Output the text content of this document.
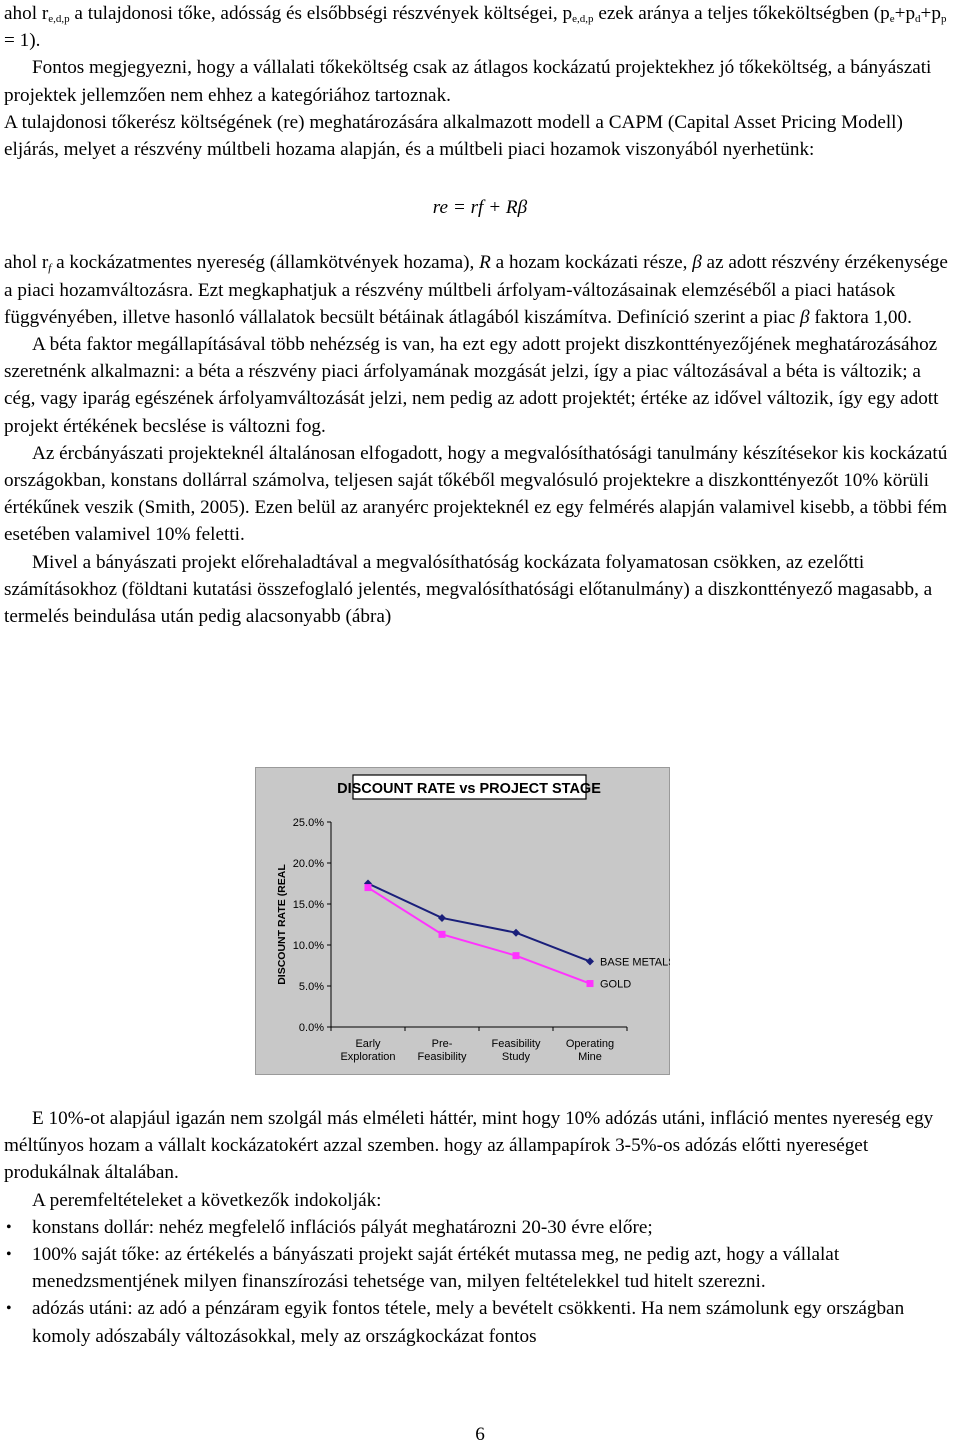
ahol $r_{e,d,p}$ a tulajdonosi tőke, adósság és elsőbbségi részvények költségei, $p_{e,d,p}$ ezek aránya a teljes tőkeköltségben $(p_e+p_d+p_p = 1)$.

Fontos megjegyezni, hogy a vállalati tőkeköltség csak az átlagos kockázatú projektekhez jó tőkeköltség, a bányászati projektek jellemzően nem ehhez a kategóriához tartoznak.

A tulajdonosi tőkerész költségének (re) meghatározására alkalmazott modell a CAPM (Capital Asset Pricing Modell) eljárás, melyet a részvény múltbeli hozama alapján, és a múltbeli piaci hozamok viszonyából nyerhetünk:

re = rf + Rβ

ahol $r_f$ a kockázatmentes nyereség (államkötvények hozama), R a hozam kockázati része, β az adott részvény érzékenysége a piaci hozamváltozásra. Ezt megkaphatjuk a részvény múltbeli árfolyam-változásainak elemzéséből a piaci hatások függvényében, illetve hasonló vállalatok becsült bétáinak átlagából kiszámítva. Definíció szerint a piac β faktora 1,00.

A béta faktor megállapításával több nehézség is van, ha ezt egy adott projekt diszkonttényezőjének meghatározásához szeretnénk alkalmazni: a béta a részvény piaci árfolyamának mozgását jelzi, így a piac változásával a béta is változik; a cég, vagy iparág egészének árfolyamváltozását jelzi, nem pedig az adott projektét; értéke az idővel változik, így egy adott projekt értékének becslése is változni fog.

Az ércbányászati projekteknél általánosan elfogadott, hogy a megvalósíthatósági tanulmány készítésekor kis kockázatú országokban, konstans dollárral számolva, teljesen saját tőkéből megvalósuló projektekre a diszkonttényezőt 10% körüli értékűnek veszik (Smith, 2005). Ezen belül az aranyérc projekteknél ez egy felmérés alapján valamivel kisebb, a többi fém esetében valamivel 10% feletti.

Mivel a bányászati projekt előrehaladtával a megvalósíthatóság kockázata folyamatosan csökken, az ezelőtti számításokhoz (földtani kutatási összefoglaló jelentés, megvalósíthatósági előtanulmány) a diszkonttényező magasabb, a termelés beindulása után pedig alacsonyabb (ábra)

DISCOUNT RATE vs PROJECT STAGE
DISCOUNT RATE (REAL
0.0%
5.0%
10.0%
15.0%
20.0%
25.0%
Early
Exploration
Pre-
Feasibility
Feasibility
Study
Operating
Mine
BASE METALS
GOLD

E 10%-ot alapjául igazán nem szolgál más elméleti háttér, mint hogy 10% adózás utáni, infláció mentes nyereség egy méltűnyos hozam a vállalt kockázatokért azzal szemben. hogy az állampapírok 3-5%-os adózás előtti nyereséget produkálnak általában.

A peremfeltételeket a következők indokolják:

• konstans dollár: nehéz megfelelő inflációs pályát meghatározni 20-30 évre előre;
• 100% saját tőke: az értékelés a bányászati projekt saját értékét mutassa meg, ne pedig azt, hogy a vállalat menedzsmentjének milyen finanszírozási tehetsége van, milyen feltételekkel tud hitelt szerezni.
• adózás utáni: az adó a pénzáram egyik fontos tétele, mely a bevételt csökkenti. Ha nem számolunk egy országban komoly adószabály változásokkal, mely az országkockázat fontos
6
